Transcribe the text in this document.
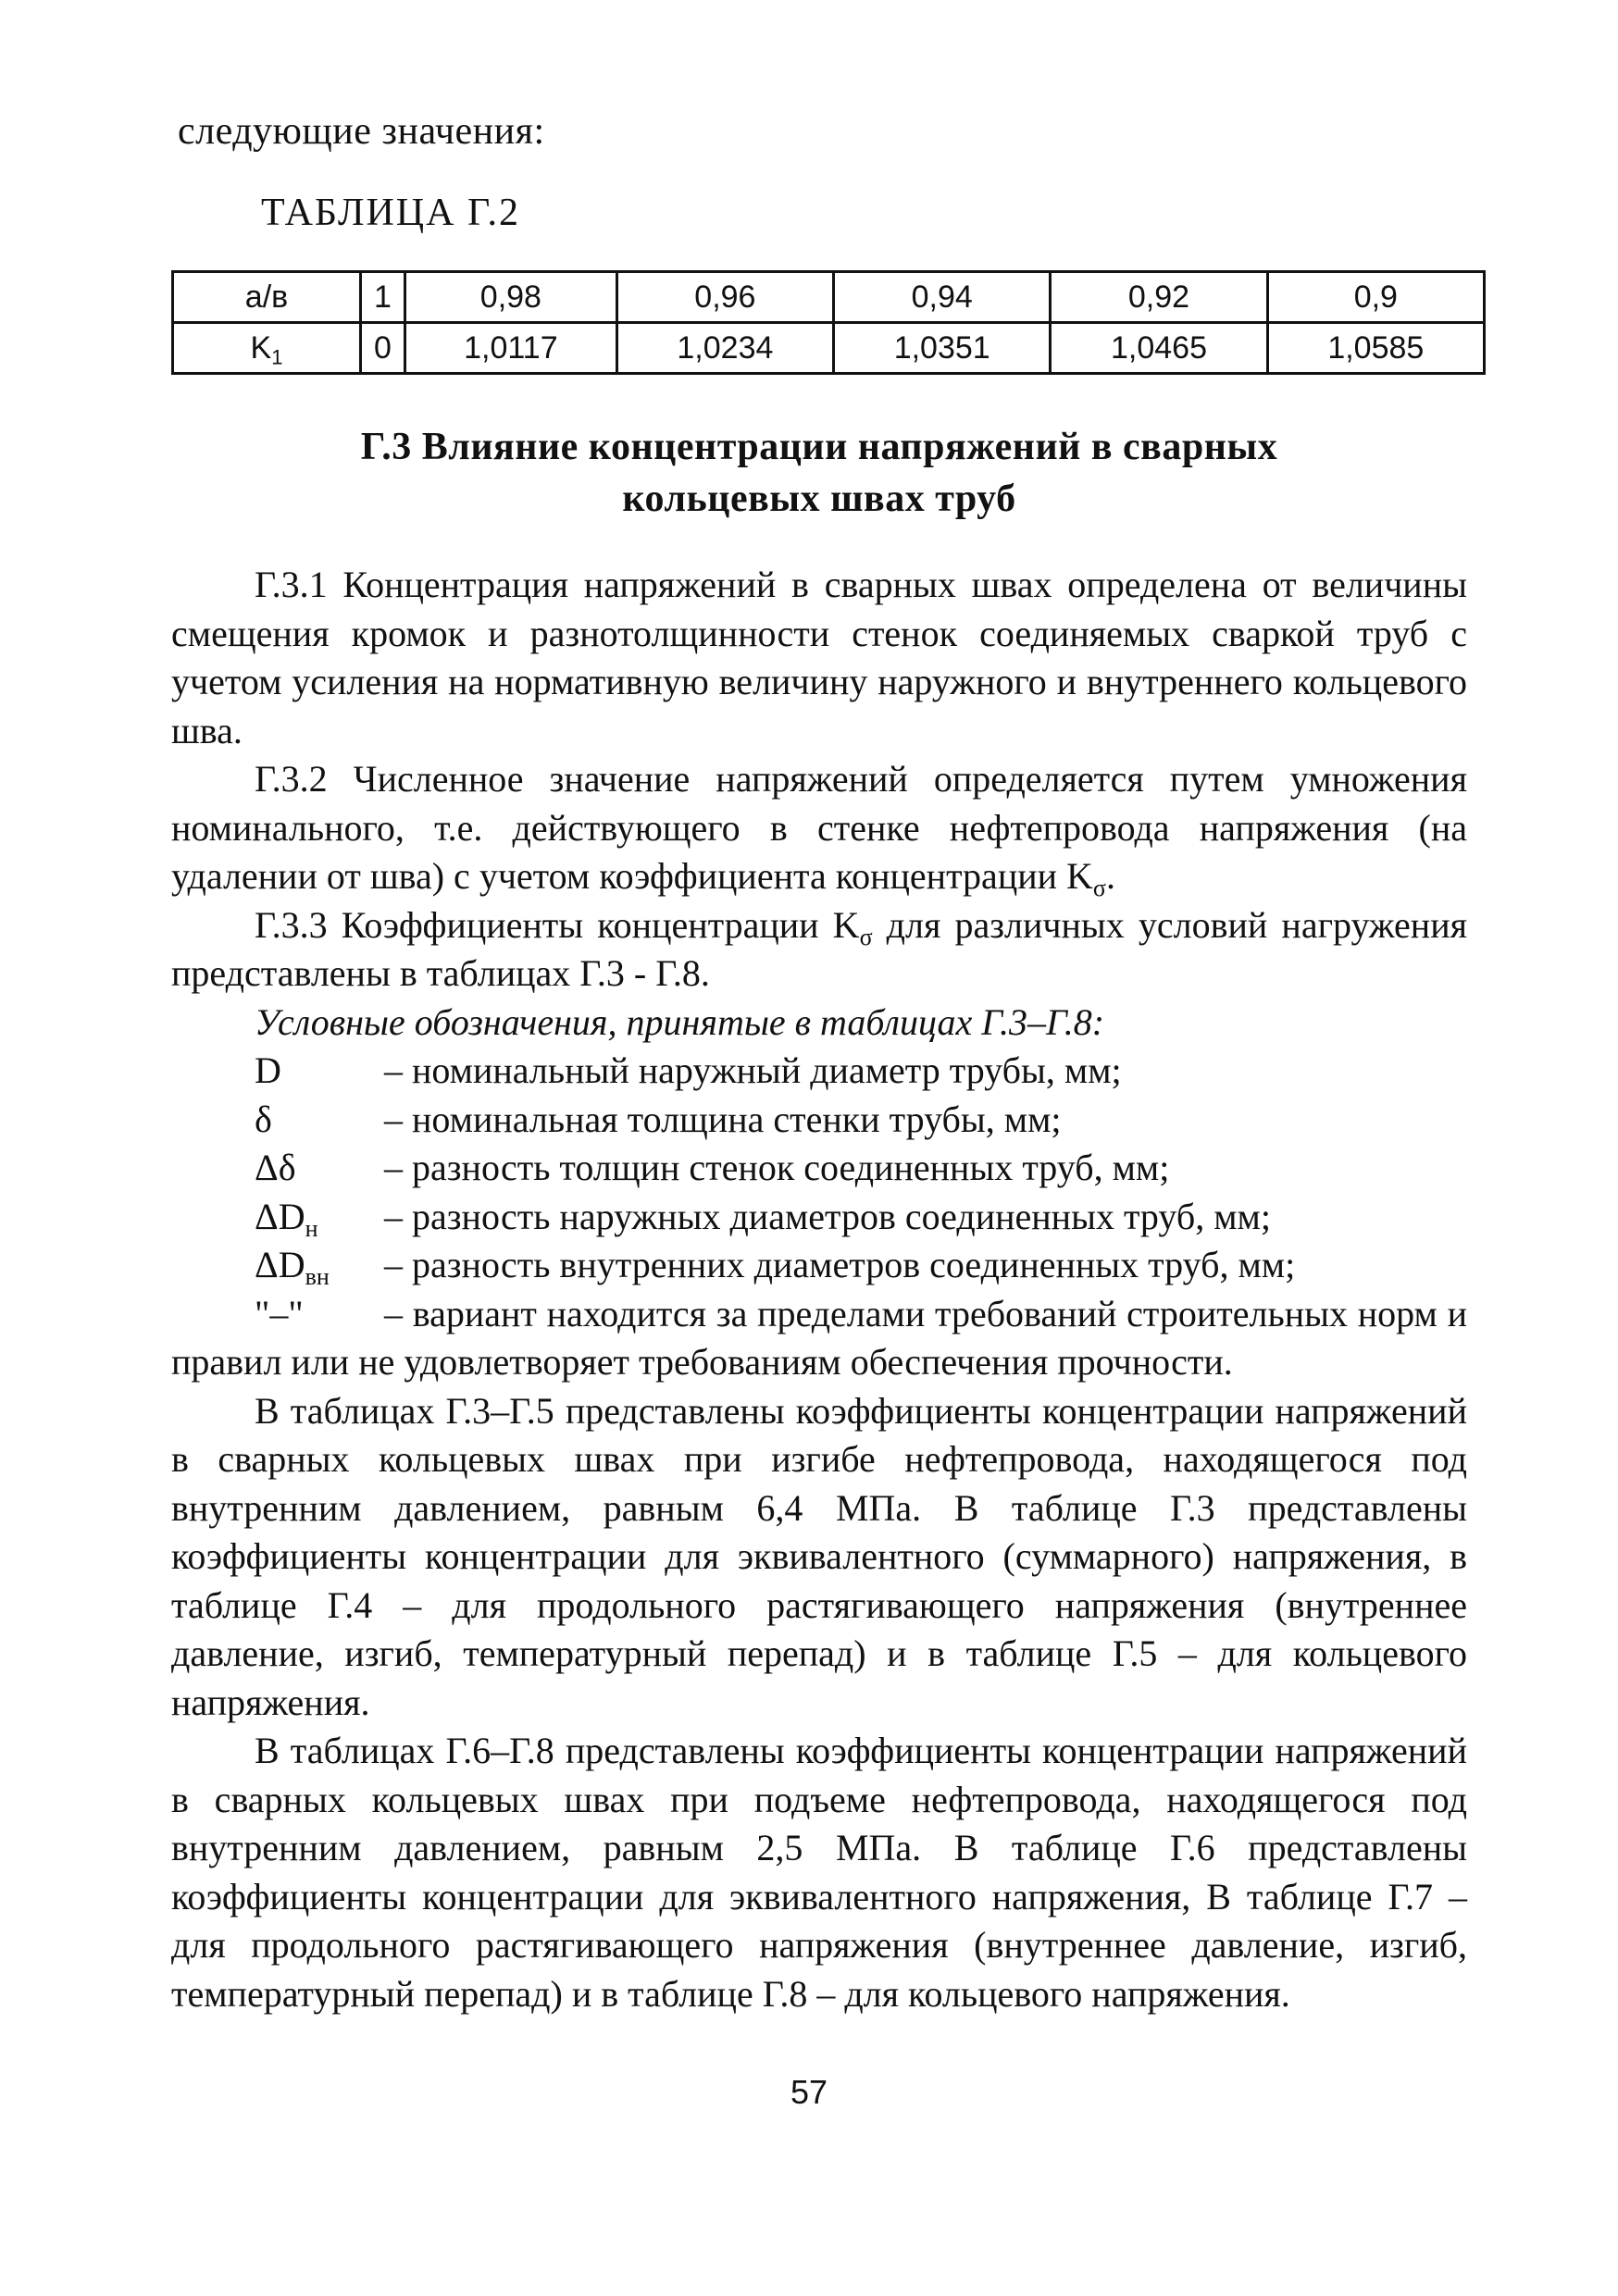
следующие значения:
ТАБЛИЦА Г.2
а/в	1	0,98	0,96	0,94	0,92	0,9
$K_1$	0	1,0117	1,0234	1,0351	1,0465	1,0585
Г.3 Влияние концентрации напряжений в сварных
кольцевых швах труб

Г.3.1 Концентрация напряжений в сварных швах определена от величины смещения кромок и разнотолщинности стенок соединяемых сваркой труб с учетом усиления на нормативную величину наружного и внутреннего кольцевого шва.

Г.3.2 Численное значение напряжений определяется путем умножения номинального, т.е. действующего в стенке нефтепровода напряжения (на удалении от шва) с учетом коэффициента концентрации $K_\sigma$.

Г.3.3 Коэффициенты концентрации $K_\sigma$ для различных условий нагружения представлены в таблицах Г.3 - Г.8.

Условные обозначения, принятые в таблицах Г.3–Г.8:

D	– номинальный наружный диаметр трубы, мм;
δ	– номинальная толщина стенки трубы, мм;
Δδ	– разность толщин стенок соединенных труб, мм;
$\Delta D_н$	– разность наружных диаметров соединенных труб, мм;
$\Delta D_{вн}$	– разность внутренних диаметров соединенных труб, мм;

"–" – вариант находится за пределами требований строительных норм и правил или не удовлетворяет требованиям обеспечения прочности.

В таблицах Г.3–Г.5 представлены коэффициенты концентрации напряжений в сварных кольцевых швах при изгибе нефтепровода, находящегося под внутренним давлением, равным 6,4 МПа. В таблице Г.3 представлены коэффициенты концентрации для эквивалентного (суммарного) напряжения, в таблице Г.4 – для продольного растягивающего напряжения (внутреннее давление, изгиб, температурный перепад) и в таблице Г.5 – для кольцевого напряжения.

В таблицах Г.6–Г.8 представлены коэффициенты концентрации напряжений в сварных кольцевых швах при подъеме нефтепровода, находящегося под внутренним давлением, равным 2,5 МПа. В таблице Г.6 представлены коэффициенты концентрации для эквивалентного напряжения, В таблице Г.7 – для продольного растягивающего напряжения (внутреннее давление, изгиб, температурный перепад) и в таблице Г.8 – для кольцевого напряжения.

57
